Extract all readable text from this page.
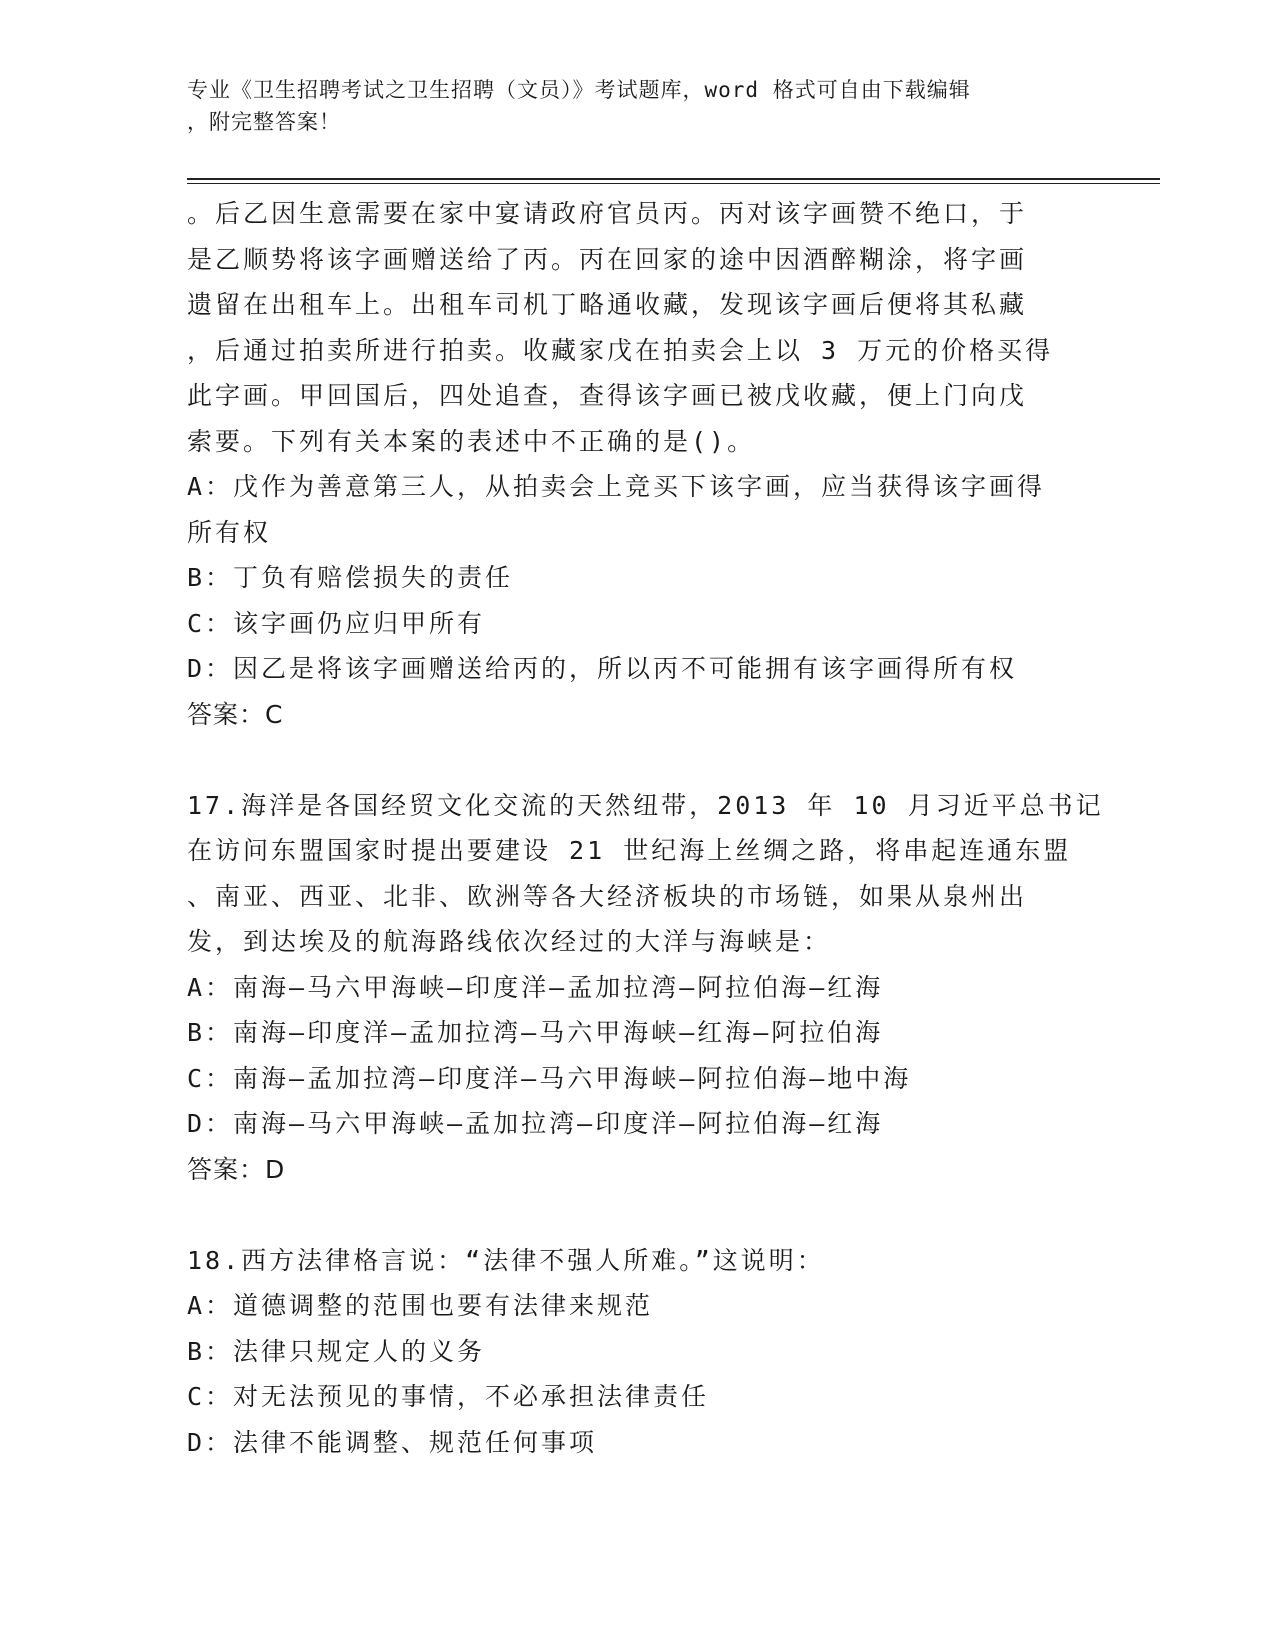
专业《卫生招聘考试之卫生招聘（文员）》考试题库，word 格式可自由下载编辑
，附完整答案！
。后乙因生意需要在家中宴请政府官员丙。丙对该字画赞不绝口，于
是乙顺势将该字画赠送给了丙。丙在回家的途中因酒醉糊涂，将字画
遗留在出租车上。出租车司机丁略通收藏，发现该字画后便将其私藏
，后通过拍卖所进行拍卖。收藏家戊在拍卖会上以 3 万元的价格买得
此字画。甲回国后，四处追查，查得该字画已被戊收藏，便上门向戊
索要。下列有关本案的表述中不正确的是()。
A：戊作为善意第三人，从拍卖会上竞买下该字画，应当获得该字画得
所有权
B：丁负有赔偿损失的责任
C：该字画仍应归甲所有
D：因乙是将该字画赠送给丙的，所以丙不可能拥有该字画得所有权
答案：C
17.海洋是各国经贸文化交流的天然纽带，2013 年 10 月习近平总书记
在访问东盟国家时提出要建设 21 世纪海上丝绸之路，将串起连通东盟
、南亚、西亚、北非、欧洲等各大经济板块的市场链，如果从泉州出
发，到达埃及的航海路线依次经过的大洋与海峡是：
A：南海—马六甲海峡—印度洋—孟加拉湾—阿拉伯海—红海
B：南海—印度洋—孟加拉湾—马六甲海峡—红海—阿拉伯海
C：南海—孟加拉湾—印度洋—马六甲海峡—阿拉伯海—地中海
D：南海—马六甲海峡—孟加拉湾—印度洋—阿拉伯海—红海
答案：D
18.西方法律格言说：“法律不强人所难。”这说明：
A：道德调整的范围也要有法律来规范
B：法律只规定人的义务
C：对无法预见的事情，不必承担法律责任
D：法律不能调整、规范任何事项
